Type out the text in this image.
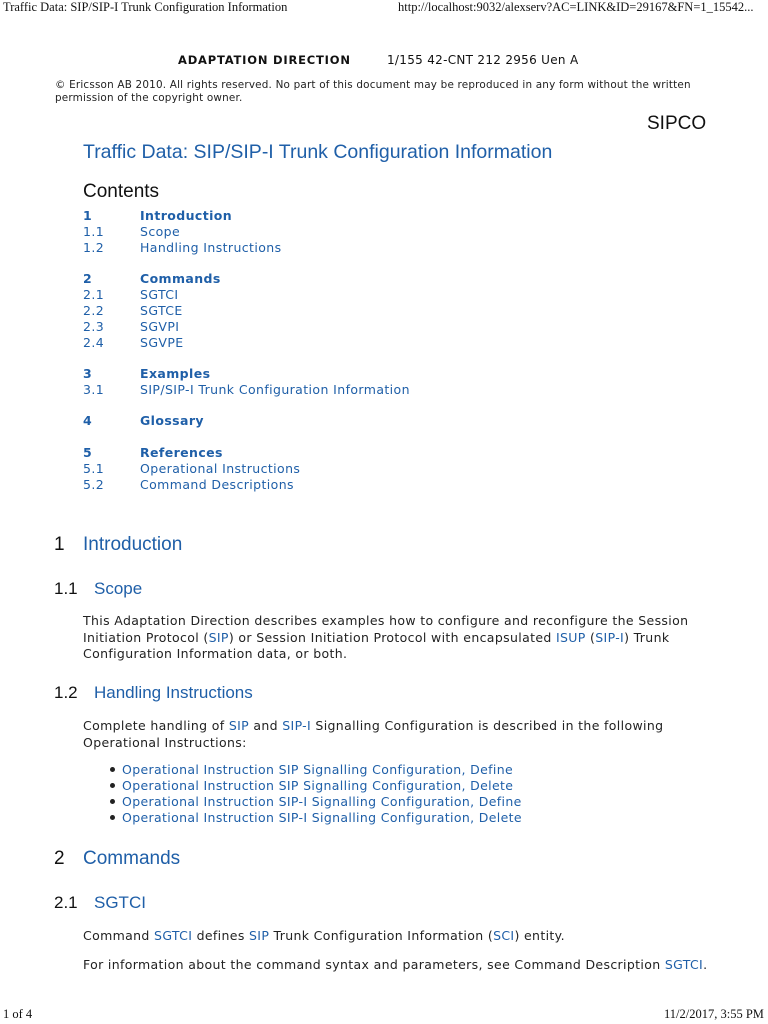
Traffic Data: SIP/SIP-I Trunk Configuration Information	http://localhost:9032/alexserv?AC=LINK&ID=29167&FN=1_15542...
ADAPTATION DIRECTION	1/155 42-CNT 212 2956 Uen A
© Ericsson AB 2010. All rights reserved. No part of this document may be reproduced in any form without the written
permission of the copyright owner.
SIPCO
Traffic Data: SIP/SIP-I Trunk Configuration Information
Contents
1	Introduction
1.1	Scope
1.2	Handling Instructions
2	Commands
2.1	SGTCI
2.2	SGTCE
2.3	SGVPI
2.4	SGVPE
3	Examples
3.1	SIP/SIP-I Trunk Configuration Information
4	Glossary
5	References
5.1	Operational Instructions
5.2	Command Descriptions
1 Introduction
1.1 Scope
This Adaptation Direction describes examples how to configure and reconfigure the Session
Initiation Protocol (SIP) or Session Initiation Protocol with encapsulated ISUP (SIP-I) Trunk
Configuration Information data, or both.
1.2 Handling Instructions
Complete handling of SIP and SIP-I Signalling Configuration is described in the following
Operational Instructions:
Operational Instruction SIP Signalling Configuration, Define
Operational Instruction SIP Signalling Configuration, Delete
Operational Instruction SIP-I Signalling Configuration, Define
Operational Instruction SIP-I Signalling Configuration, Delete
2 Commands
2.1 SGTCI
Command SGTCI defines SIP Trunk Configuration Information (SCI) entity.
For information about the command syntax and parameters, see Command Description SGTCI.
1 of 4	11/2/2017, 3:55 PM
